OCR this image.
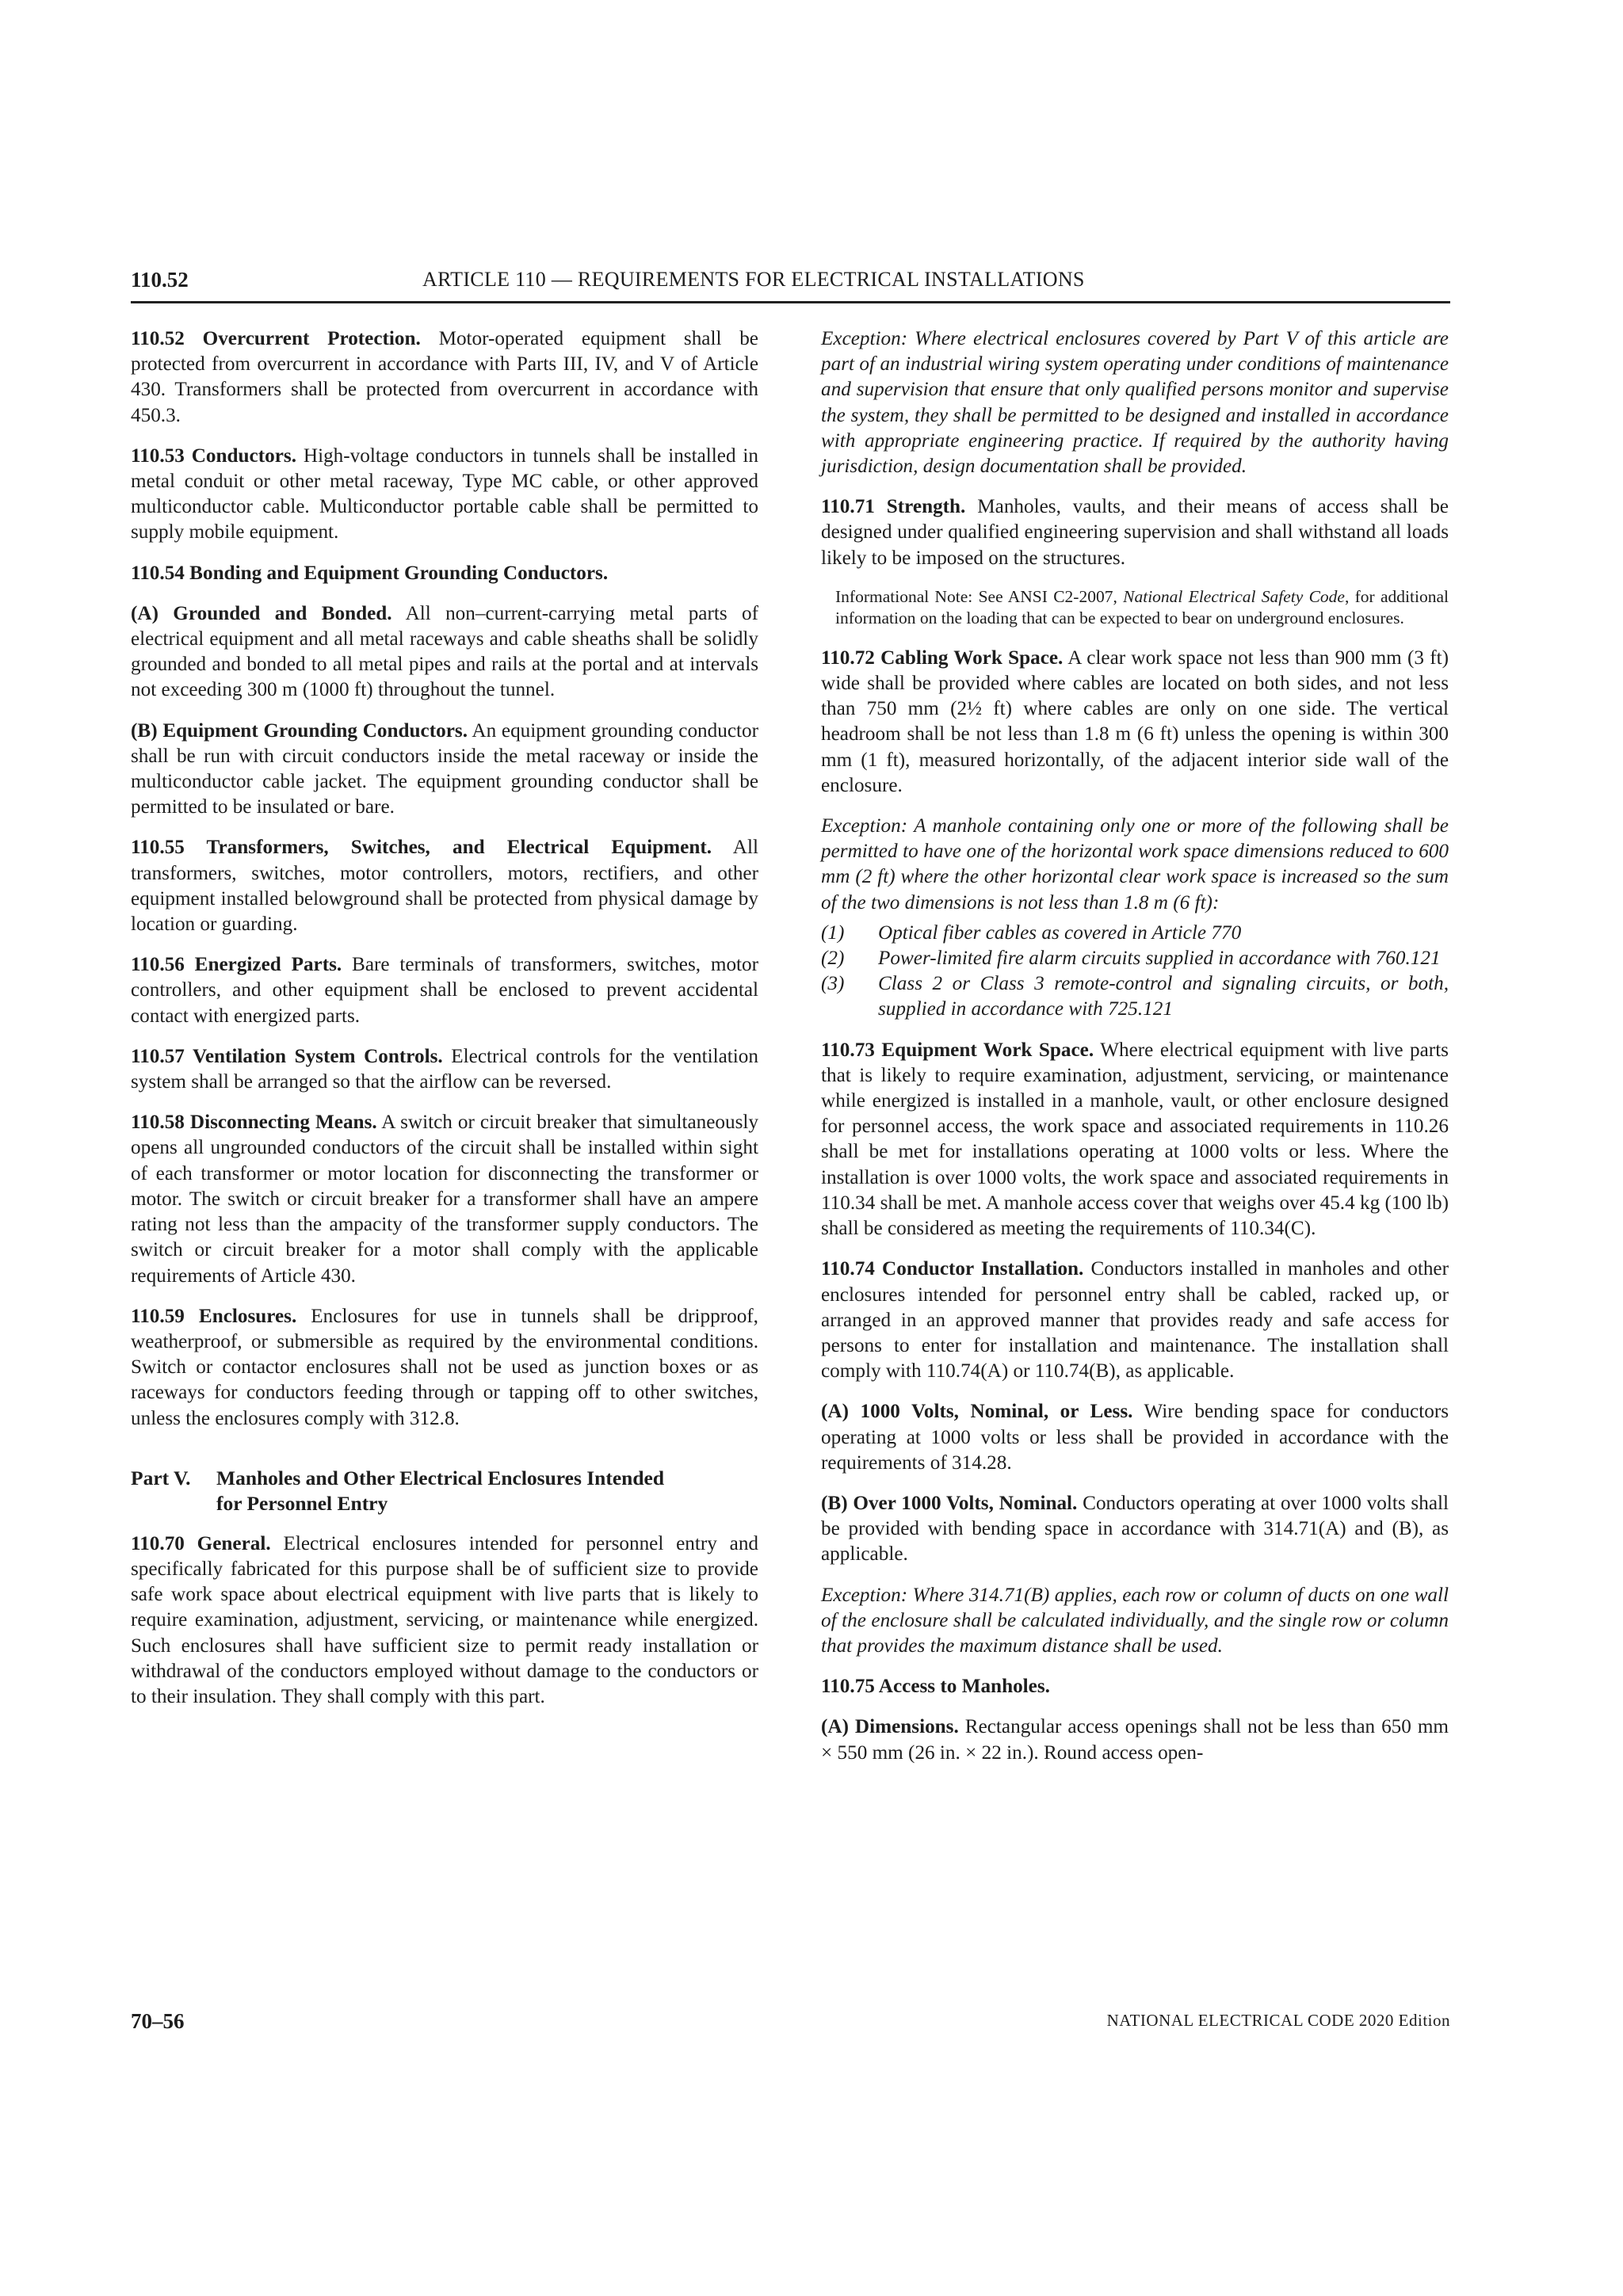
110.52	ARTICLE 110 — REQUIREMENTS FOR ELECTRICAL INSTALLATIONS

110.52 Overcurrent Protection. Motor-operated equipment shall be protected from overcurrent in accordance with Parts III, IV, and V of Article 430. Transformers shall be protected from overcurrent in accordance with 450.3.

110.53 Conductors. High-voltage conductors in tunnels shall be installed in metal conduit or other metal raceway, Type MC cable, or other approved multiconductor cable. Multiconductor portable cable shall be permitted to supply mobile equipment.

110.54 Bonding and Equipment Grounding Conductors.

(A) Grounded and Bonded. All non–current-carrying metal parts of electrical equipment and all metal raceways and cable sheaths shall be solidly grounded and bonded to all metal pipes and rails at the portal and at intervals not exceeding 300 m (1000 ft) throughout the tunnel.

(B) Equipment Grounding Conductors. An equipment grounding conductor shall be run with circuit conductors inside the metal raceway or inside the multiconductor cable jacket. The equipment grounding conductor shall be permitted to be insulated or bare.

110.55 Transformers, Switches, and Electrical Equipment. All transformers, switches, motor controllers, motors, rectifiers, and other equipment installed belowground shall be protected from physical damage by location or guarding.

110.56 Energized Parts. Bare terminals of transformers, switches, motor controllers, and other equipment shall be enclosed to prevent accidental contact with energized parts.

110.57 Ventilation System Controls. Electrical controls for the ventilation system shall be arranged so that the airflow can be reversed.

110.58 Disconnecting Means. A switch or circuit breaker that simultaneously opens all ungrounded conductors of the circuit shall be installed within sight of each transformer or motor location for disconnecting the transformer or motor. The switch or circuit breaker for a transformer shall have an ampere rating not less than the ampacity of the transformer supply conductors. The switch or circuit breaker for a motor shall comply with the applicable requirements of Article 430.

110.59 Enclosures. Enclosures for use in tunnels shall be dripproof, weatherproof, or submersible as required by the environmental conditions. Switch or contactor enclosures shall not be used as junction boxes or as raceways for conductors feeding through or tapping off to other switches, unless the enclosures comply with 312.8.

Part V.	Manholes and Other Electrical Enclosures Intended
for Personnel Entry

110.70 General. Electrical enclosures intended for personnel entry and specifically fabricated for this purpose shall be of sufficient size to provide safe work space about electrical equipment with live parts that is likely to require examination, adjustment, servicing, or maintenance while energized. Such enclosures shall have sufficient size to permit ready installation or withdrawal of the conductors employed without damage to the conductors or to their insulation. They shall comply with this part.

Exception: Where electrical enclosures covered by Part V of this article are part of an industrial wiring system operating under conditions of maintenance and supervision that ensure that only qualified persons monitor and supervise the system, they shall be permitted to be designed and installed in accordance with appropriate engineering practice. If required by the authority having jurisdiction, design documentation shall be provided.

110.71 Strength. Manholes, vaults, and their means of access shall be designed under qualified engineering supervision and shall withstand all loads likely to be imposed on the structures.

Informational Note: See ANSI C2-2007, National Electrical Safety Code, for additional information on the loading that can be expected to bear on underground enclosures.

110.72 Cabling Work Space. A clear work space not less than 900 mm (3 ft) wide shall be provided where cables are located on both sides, and not less than 750 mm (2½ ft) where cables are only on one side. The vertical headroom shall be not less than 1.8 m (6 ft) unless the opening is within 300 mm (1 ft), measured horizontally, of the adjacent interior side wall of the enclosure.

Exception: A manhole containing only one or more of the following shall be permitted to have one of the horizontal work space dimensions reduced to 600 mm (2 ft) where the other horizontal clear work space is increased so the sum of the two dimensions is not less than 1.8 m (6 ft):

(1)	Optical fiber cables as covered in Article 770
(2)	Power-limited fire alarm circuits supplied in accordance with 760.121
(3)	Class 2 or Class 3 remote-control and signaling circuits, or both, supplied in accordance with 725.121

110.73 Equipment Work Space. Where electrical equipment with live parts that is likely to require examination, adjustment, servicing, or maintenance while energized is installed in a manhole, vault, or other enclosure designed for personnel access, the work space and associated requirements in 110.26 shall be met for installations operating at 1000 volts or less. Where the installation is over 1000 volts, the work space and associated requirements in 110.34 shall be met. A manhole access cover that weighs over 45.4 kg (100 lb) shall be considered as meeting the requirements of 110.34(C).

110.74 Conductor Installation. Conductors installed in manholes and other enclosures intended for personnel entry shall be cabled, racked up, or arranged in an approved manner that provides ready and safe access for persons to enter for installation and maintenance. The installation shall comply with 110.74(A) or 110.74(B), as applicable.

(A) 1000 Volts, Nominal, or Less. Wire bending space for conductors operating at 1000 volts or less shall be provided in accordance with the requirements of 314.28.

(B) Over 1000 Volts, Nominal. Conductors operating at over 1000 volts shall be provided with bending space in accordance with 314.71(A) and (B), as applicable.

Exception: Where 314.71(B) applies, each row or column of ducts on one wall of the enclosure shall be calculated individually, and the single row or column that provides the maximum distance shall be used.

110.75 Access to Manholes.

(A) Dimensions. Rectangular access openings shall not be less than 650 mm × 550 mm (26 in. × 22 in.). Round access open-

70–56	NATIONAL ELECTRICAL CODE 2020 Edition
